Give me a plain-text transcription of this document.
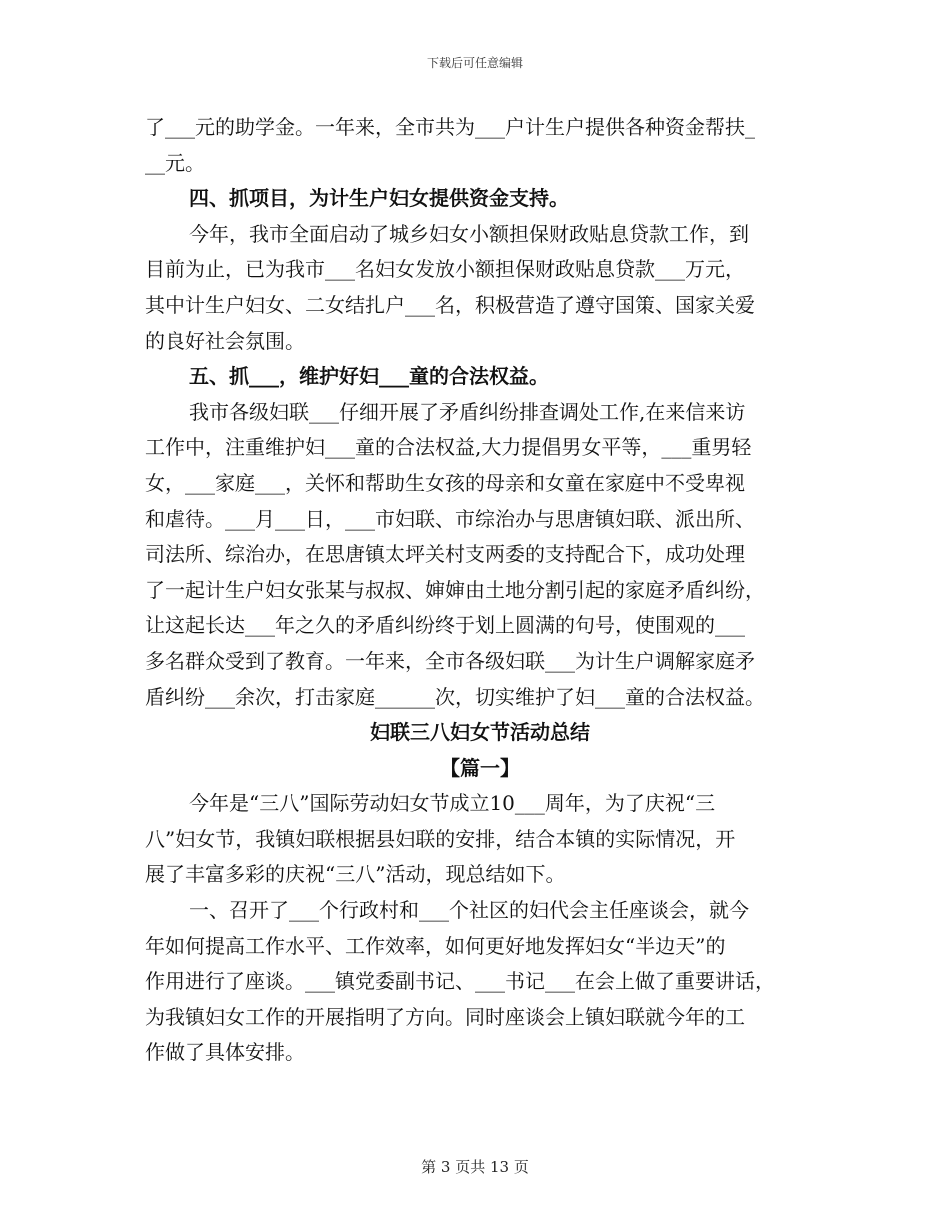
下载后可任意编辑
了___元的助学金。一年来，全市共为___户计生户提供各种资金帮扶_
__元。
四、抓项目，为计生户妇女提供资金支持。
今年，我市全面启动了城乡妇女小额担保财政贴息贷款工作，到
目前为止，已为我市___名妇女发放小额担保财政贴息贷款___万元，
其中计生户妇女、二女结扎户___名，积极营造了遵守国策、国家关爱
的良好社会氛围。
五、抓___，维护好妇___童的合法权益。
我市各级妇联___仔细开展了矛盾纠纷排查调处工作,在来信来访
工作中，注重维护妇___童的合法权益,大力提倡男女平等，___重男轻
女，___家庭___，关怀和帮助生女孩的母亲和女童在家庭中不受卑视
和虐待。___月___日，___市妇联、市综治办与思唐镇妇联、派出所、
司法所、综治办，在思唐镇太坪关村支两委的支持配合下，成功处理
了一起计生户妇女张某与叔叔、婶婶由土地分割引起的家庭矛盾纠纷，
让这起长达___年之久的矛盾纠纷终于划上圆满的句号，使围观的___
多名群众受到了教育。一年来，全市各级妇联___为计生户调解家庭矛
盾纠纷___余次，打击家庭______次，切实维护了妇___童的合法权益。
妇联三八妇女节活动总结
【篇一】
今年是“三八”国际劳动妇女节成立10___周年，为了庆祝“三
八”妇女节，我镇妇联根据县妇联的安排，结合本镇的实际情况，开
展了丰富多彩的庆祝“三八”活动，现总结如下。
一、召开了___个行政村和___个社区的妇代会主任座谈会，就今
年如何提高工作水平、工作效率，如何更好地发挥妇女“半边天”的
作用进行了座谈。___镇党委副书记、___书记___在会上做了重要讲话，
为我镇妇女工作的开展指明了方向。同时座谈会上镇妇联就今年的工
作做了具体安排。
第 3 页共 13 页
